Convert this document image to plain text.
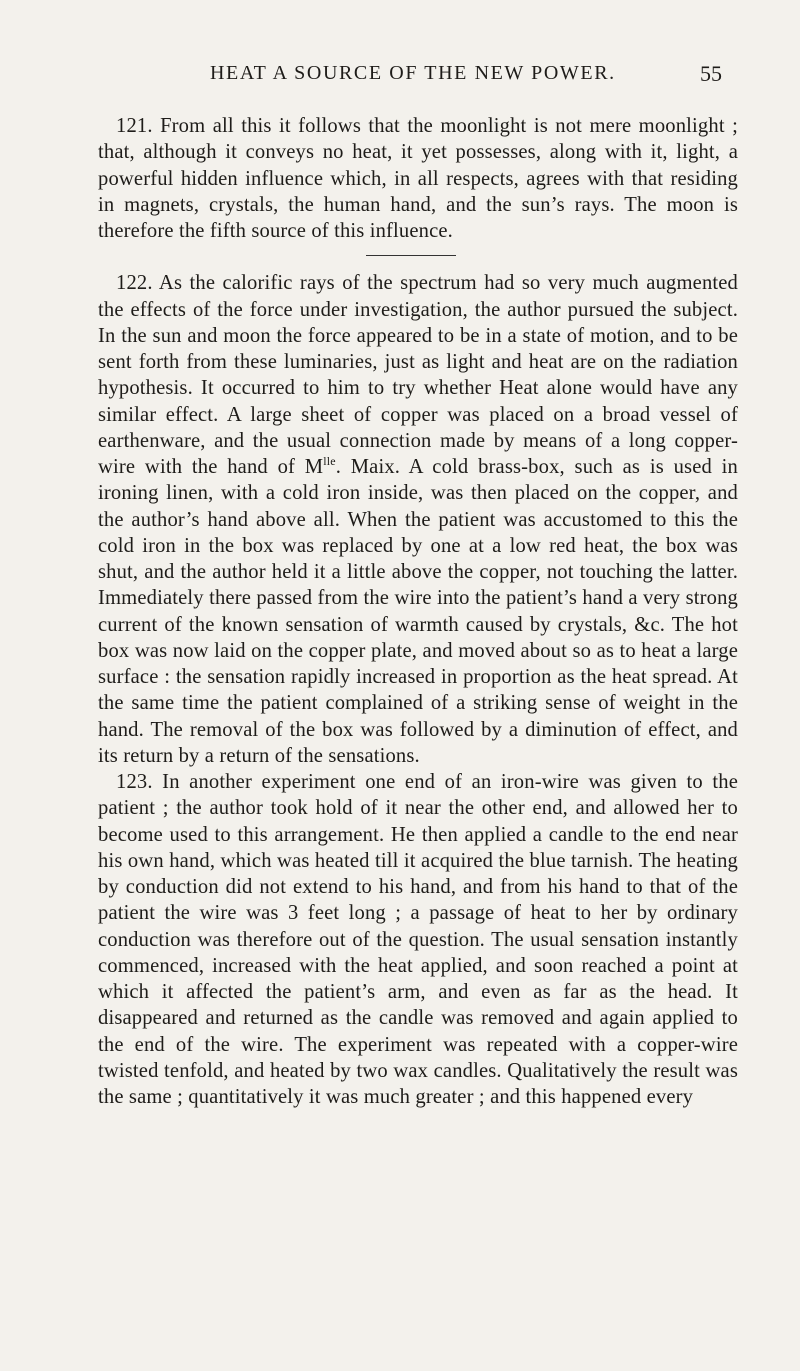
HEAT A SOURCE OF THE NEW POWER.	55

121. From all this it follows that the moonlight is not mere moonlight ; that, although it conveys no heat, it yet possesses, along with it, light, a powerful hidden influence which, in all respects, agrees with that residing in magnets, crystals, the human hand, and the sun’s rays. The moon is therefore the fifth source of this influence.

122. As the calorific rays of the spectrum had so very much augmented the effects of the force under investigation, the author pursued the subject. In the sun and moon the force appeared to be in a state of motion, and to be sent forth from these luminaries, just as light and heat are on the radiation hypothesis. It occurred to him to try whether Heat alone would have any similar effect. A large sheet of copper was placed on a broad vessel of earthenware, and the usual connection made by means of a long copper-wire with the hand of $M^{lle}$. Maix. A cold brass-box, such as is used in ironing linen, with a cold iron inside, was then placed on the copper, and the author’s hand above all. When the patient was accustomed to this the cold iron in the box was replaced by one at a low red heat, the box was shut, and the author held it a little above the copper, not touching the latter. Immediately there passed from the wire into the patient’s hand a very strong current of the known sensation of warmth caused by crystals, &c. The hot box was now laid on the copper plate, and moved about so as to heat a large surface : the sensation rapidly increased in proportion as the heat spread. At the same time the patient complained of a striking sense of weight in the hand. The removal of the box was followed by a diminution of effect, and its return by a return of the sensations.

123. In another experiment one end of an iron-wire was given to the patient ; the author took hold of it near the other end, and allowed her to become used to this arrangement. He then applied a candle to the end near his own hand, which was heated till it acquired the blue tarnish. The heating by conduction did not extend to his hand, and from his hand to that of the patient the wire was 3 feet long ; a passage of heat to her by ordinary conduction was therefore out of the question. The usual sensation instantly commenced, increased with the heat applied, and soon reached a point at which it affected the patient’s arm, and even as far as the head. It disappeared and returned as the candle was removed and again applied to the end of the wire. The experiment was repeated with a copper-wire twisted tenfold, and heated by two wax candles. Qualitatively the result was the same ; quantitatively it was much greater ; and this happened every
